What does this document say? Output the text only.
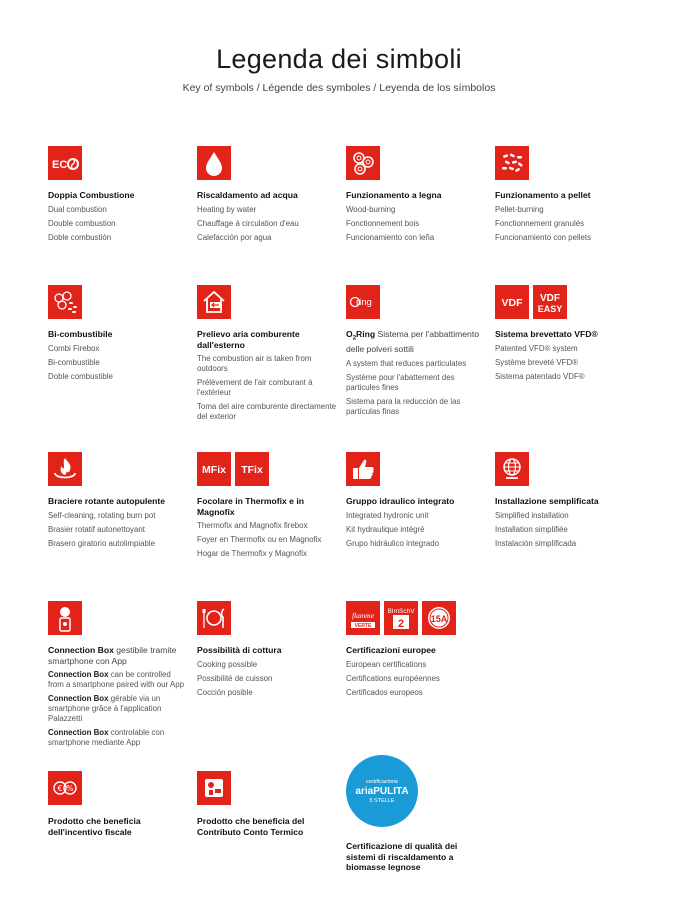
Legenda dei simboli
Key of symbols / Légende des symboles / Leyenda de los símbolos
EC
Doppia Combustione
Dual combustion
Double combustion
Doble combustión
Riscaldamento ad acqua
Heating by water
Chauffage à circulation d'eau
Calefacción por agua
Funzionamento a legna
Wood-burning
Fonctionnement bois
Funcionamiento con leña
Funzionamento a pellet
Pellet-burning
Fonctionnement granulés
Funcionamiento con pellets
Bi-combustibile
Combi Firebox
Bi-combustible
Doble combustible
Prelievo aria comburente dall'esterno
The combustion air is taken from outdoors
Prélèvement de l'air comburant à l'extérieur
Toma del aire comburente directamente del exterior
ring
$O_2Ring$ Sistema per l'abbattimento delle polveri sottili
A system that reduces particulates
Système pour l'abattement des particules fines
Sistema para la reducción de las partículas finas
VDF VDF
EASY
Sistema brevettato VFD®
Patented VFD® system
Système breveté VFD®
Sistema patentado VDF®
Braciere rotante autopulente
Self-cleaning, rotating burn pot
Brasier rotatif autonettoyant
Brasero giratorio autolimpiable
MFix TFix
Focolare in Thermofix e in Magnofix
Thermofix and Magnofix firebox
Foyer en Thermofix ou en Magnofix
Hogar de Thermofix y Magnofix
Gruppo idraulico integrato
Integrated hydronic unit
Kit hydraulique intégré
Grupo hidráulico integrado
Installazione semplificata
Simplified installation
Installation simplifiée
Instalación simplificada
Connection Box gestibile tramite smartphone con App
Connection Box can be controlled from a smartphone paired with our App
Connection Box gérable via un smartphone grâce à l'application Palazzetti
Connection Box controlable con smartphone mediante App
Possibilità di cottura
Cooking possible
Possibilité de cuisson
Cocción posible
flamme
VERTE
BImSchV
2	15A
Certificazioni europee
European certifications
Certifications européennes
Certificados europeos
€ %
Prodotto che beneficia dell'incentivo fiscale
Prodotto che beneficia del Contributo Conto Termico
certificazione
ariaPULITA
5 STELLE
Certificazione di qualità dei sistemi di riscaldamento a biomasse legnose
